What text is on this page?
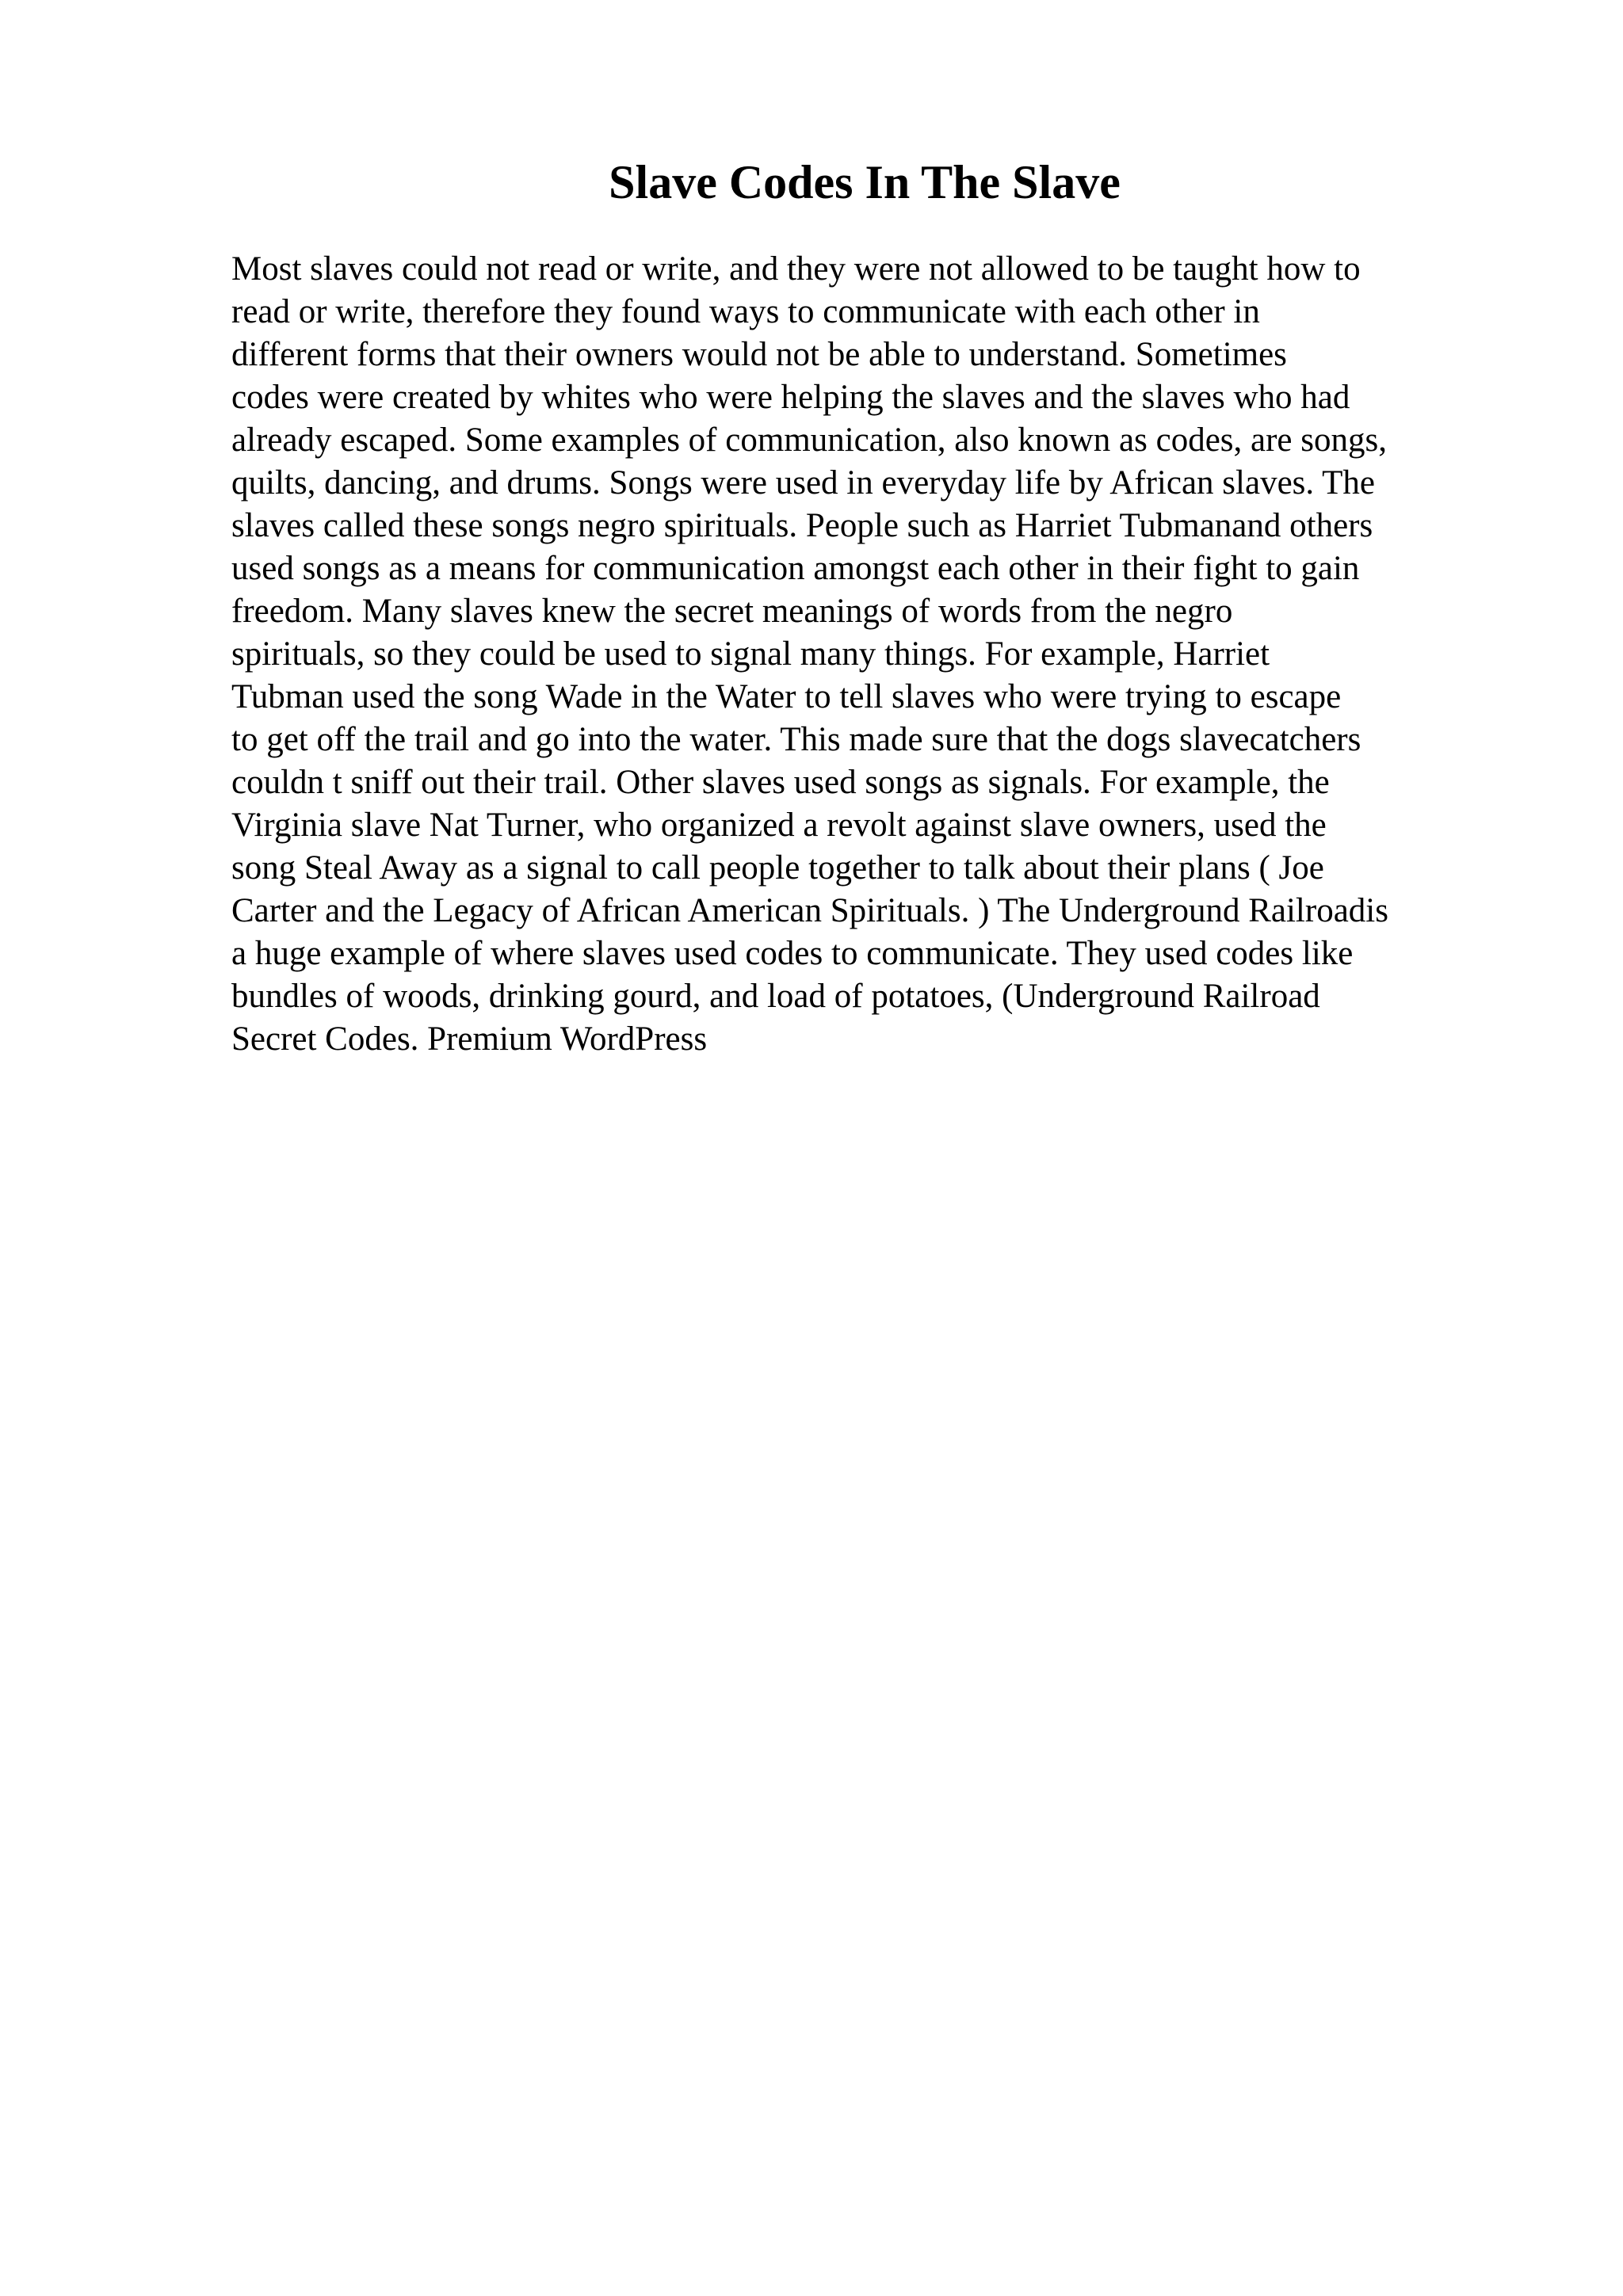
Slave Codes In The Slave
Most slaves could not read or write, and they were not allowed to be taught how to
read or write, therefore they found ways to communicate with each other in
different forms that their owners would not be able to understand. Sometimes
codes were created by whites who were helping the slaves and the slaves who had
already escaped. Some examples of communication, also known as codes, are songs,
quilts, dancing, and drums. Songs were used in everyday life by African slaves. The
slaves called these songs negro spirituals. People such as Harriet Tubmanand others
used songs as a means for communication amongst each other in their fight to gain
freedom. Many slaves knew the secret meanings of words from the negro
spirituals, so they could be used to signal many things. For example, Harriet
Tubman used the song Wade in the Water to tell slaves who were trying to escape
to get off the trail and go into the water. This made sure that the dogs slavecatchers
couldn t sniff out their trail. Other slaves used songs as signals. For example, the
Virginia slave Nat Turner, who organized a revolt against slave owners, used the
song Steal Away as a signal to call people together to talk about their plans ( Joe
Carter and the Legacy of African American Spirituals. ) The Underground Railroadis
a huge example of where slaves used codes to communicate. They used codes like
bundles of woods, drinking gourd, and load of potatoes, (Underground Railroad
Secret Codes. Premium WordPress
